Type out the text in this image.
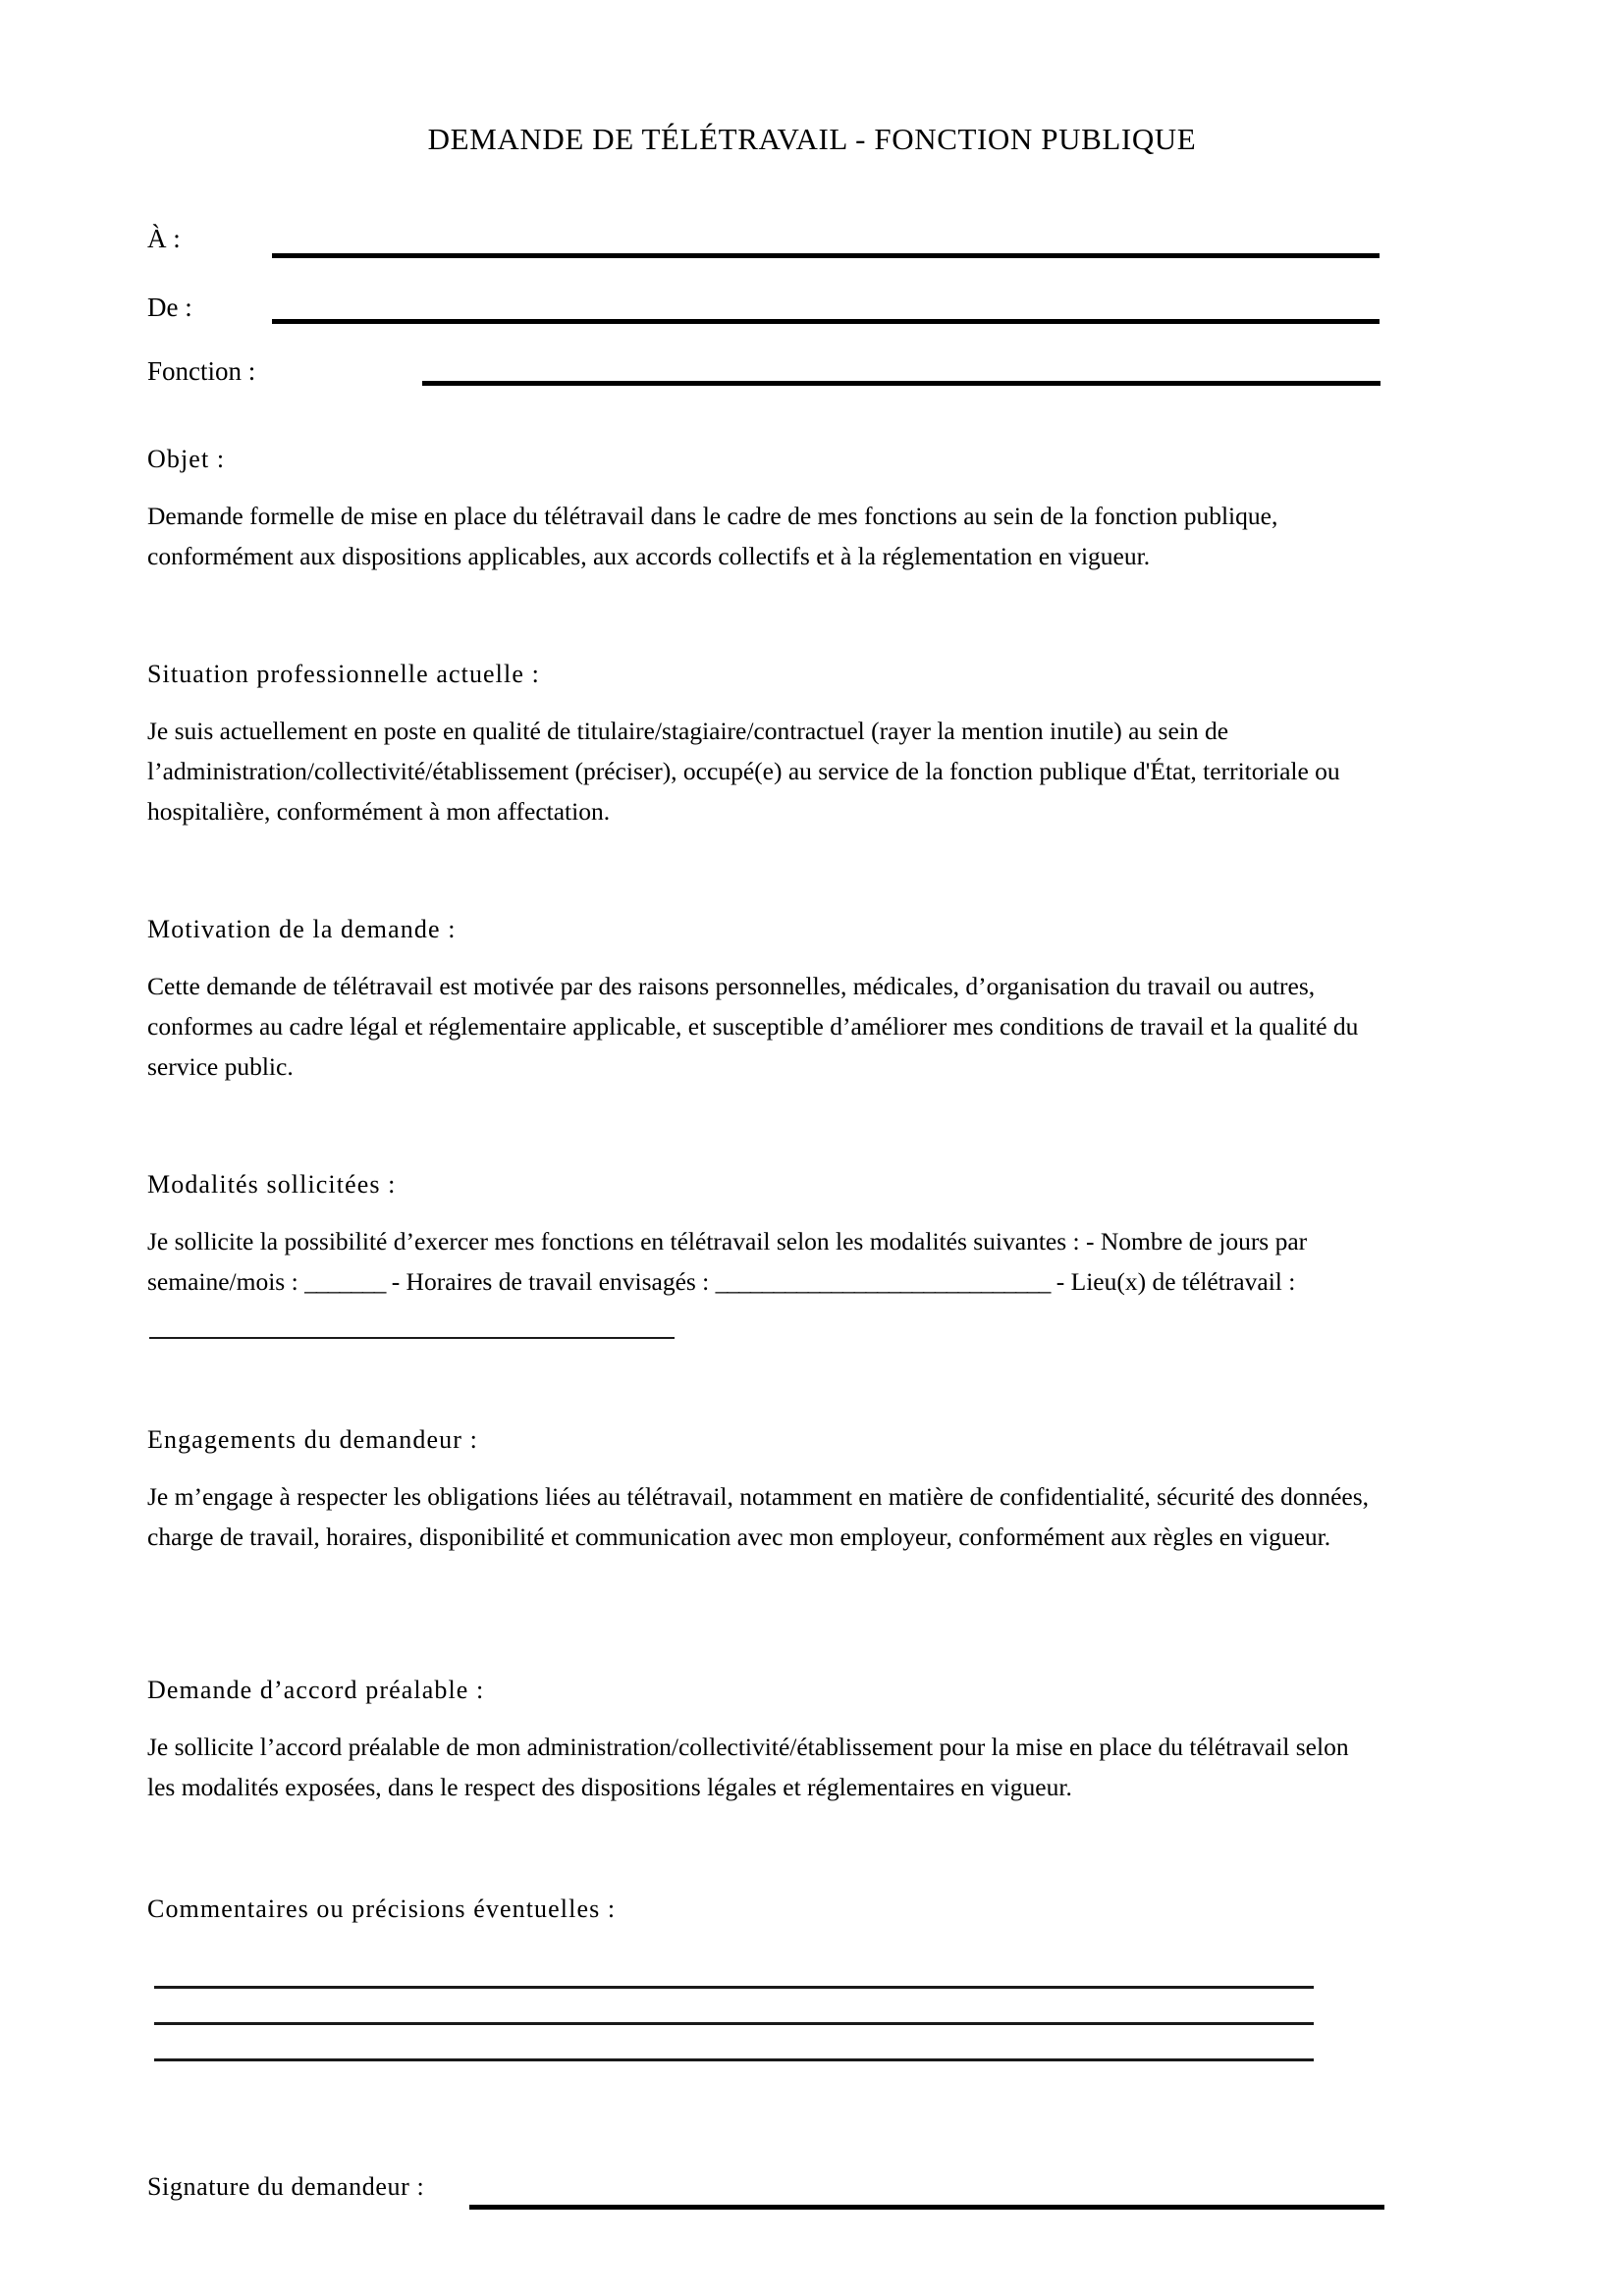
DEMANDE DE TÉLÉTRAVAIL - FONCTION PUBLIQUE
À :
De :
Fonction :
Objet :

Demande formelle de mise en place du télétravail dans le cadre de mes fonctions au sein de la fonction publique, conformément aux dispositions applicables, aux accords collectifs et à la réglementation en vigueur.

Situation professionnelle actuelle :

Je suis actuellement en poste en qualité de titulaire/stagiaire/contractuel (rayer la mention inutile) au sein de l’administration/collectivité/établissement (préciser), occupé(e) au service de la fonction publique d'État, territoriale ou hospitalière, conformément à mon affectation.

Motivation de la demande :

Cette demande de télétravail est motivée par des raisons personnelles, médicales, d’organisation du travail ou autres, conformes au cadre légal et réglementaire applicable, et susceptible d’améliorer mes conditions de travail et la qualité du service public.

Modalités sollicitées :

Je sollicite la possibilité d’exercer mes fonctions en télétravail selon les modalités suivantes : - Nombre de jours par semaine/mois : _______ - Horaires de travail envisagés : _____________________________ - Lieu(x) de télétravail :

Engagements du demandeur :

Je m’engage à respecter les obligations liées au télétravail, notamment en matière de confidentialité, sécurité des données, charge de travail, horaires, disponibilité et communication avec mon employeur, conformément aux règles en vigueur.

Demande d’accord préalable :

Je sollicite l’accord préalable de mon administration/collectivité/établissement pour la mise en place du télétravail selon les modalités exposées, dans le respect des dispositions légales et réglementaires en vigueur.

Commentaires ou précisions éventuelles :
Signature du demandeur :
